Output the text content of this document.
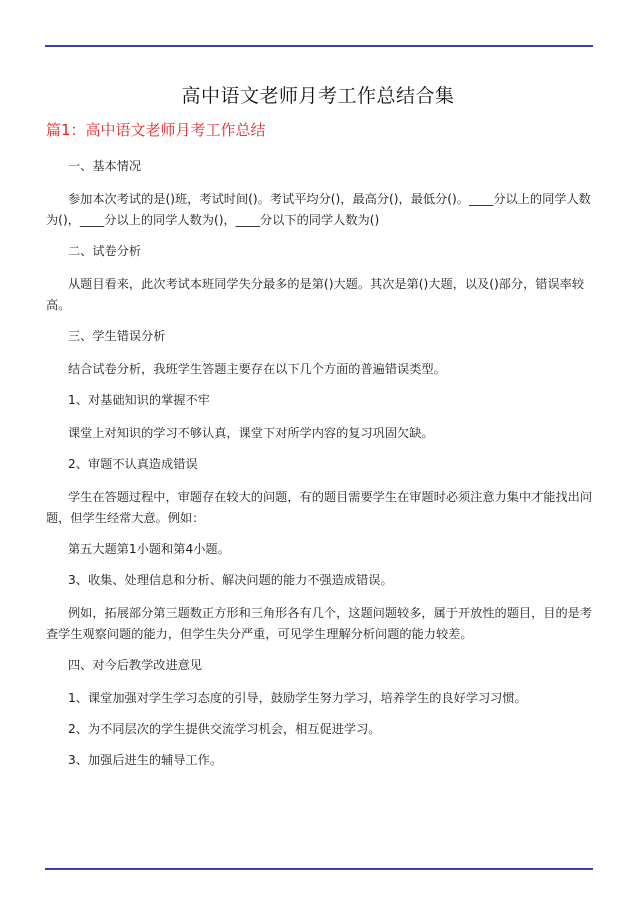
高中语文老师月考工作总结合集
篇1：高中语文老师月考工作总结

一、基本情况

参加本次考试的是()班，考试时间()。考试平均分()，最高分()，最低分()。____分以上的同学人数为()，____分以上的同学人数为()，____分以下的同学人数为()

二、试卷分析

从题目看来，此次考试本班同学失分最多的是第()大题。其次是第()大题，以及()部分，错误率较高。

三、学生错误分析

结合试卷分析，我班学生答题主要存在以下几个方面的普遍错误类型。

1、对基础知识的掌握不牢

课堂上对知识的学习不够认真，课堂下对所学内容的复习巩固欠缺。

2、审题不认真造成错误

学生在答题过程中，审题存在较大的问题，有的题目需要学生在审题时必须注意力集中才能找出问题，但学生经常大意。例如：

第五大题第1小题和第4小题。

3、收集、处理信息和分析、解决问题的能力不强造成错误。

例如，拓展部分第三题数正方形和三角形各有几个，这题问题较多，属于开放性的题目，目的是考查学生观察问题的能力，但学生失分严重，可见学生理解分析问题的能力较差。

四、对今后教学改进意见

1、课堂加强对学生学习态度的引导，鼓励学生努力学习，培养学生的良好学习习惯。

2、为不同层次的学生提供交流学习机会，相互促进学习。

3、加强后进生的辅导工作。
